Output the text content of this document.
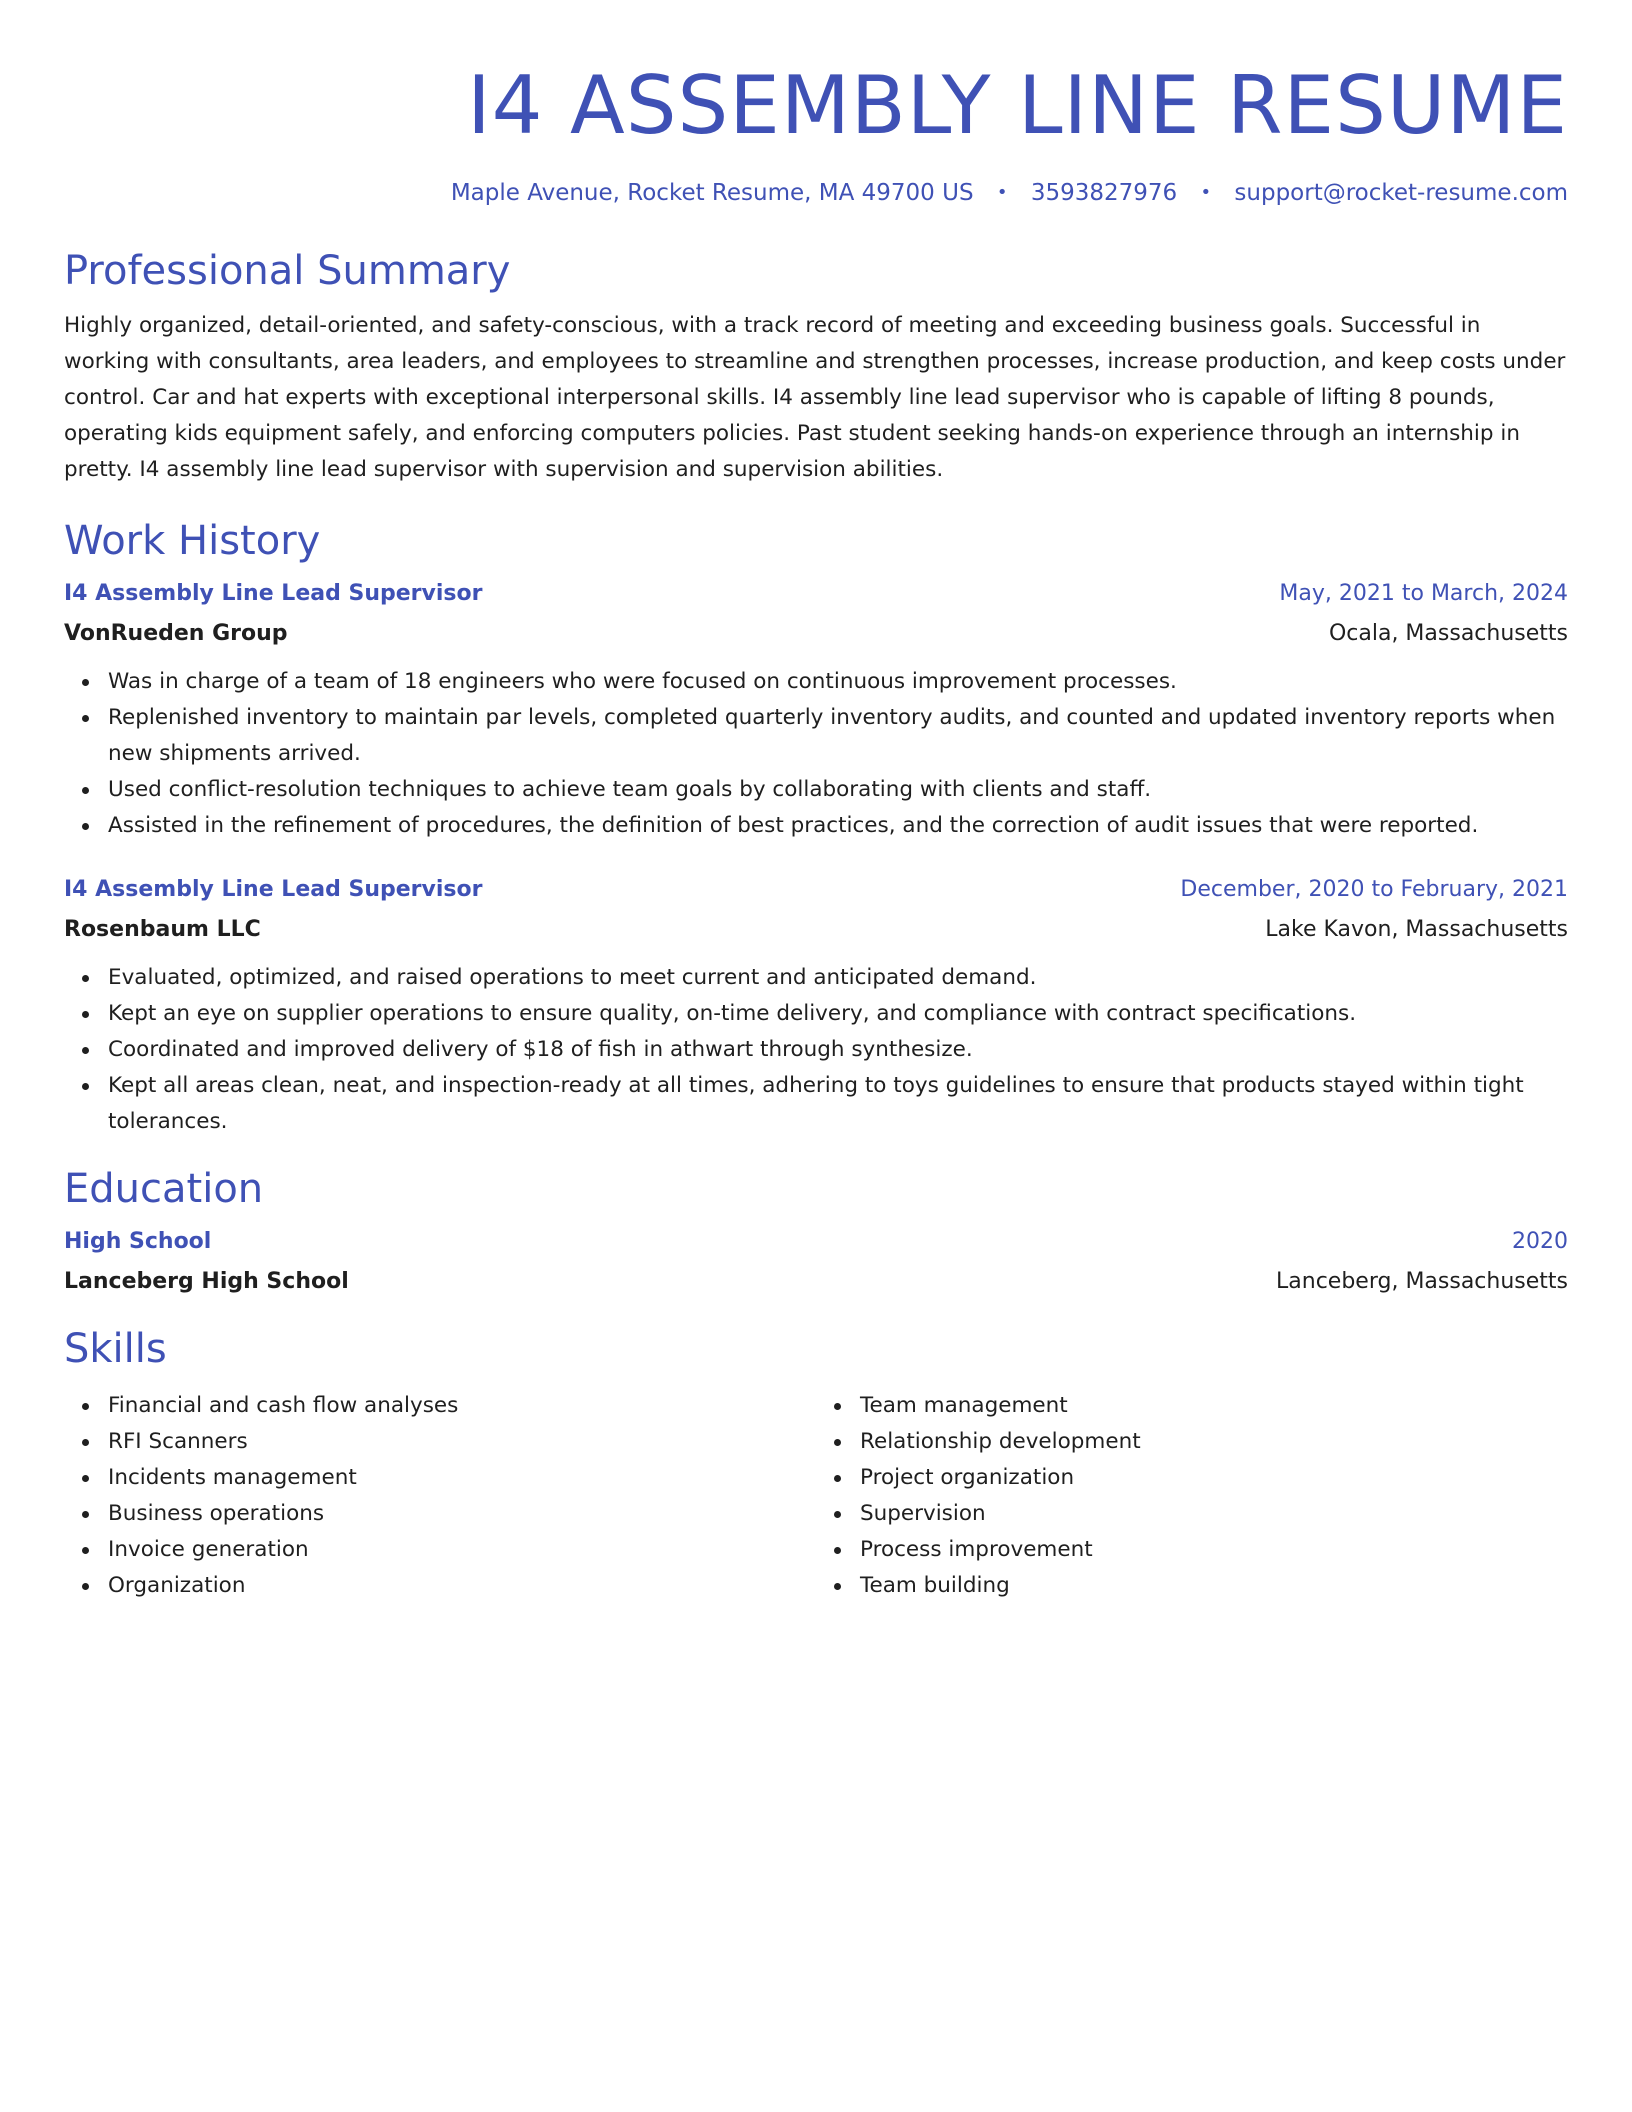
I4 ASSEMBLY LINE RESUME
Maple Avenue, Rocket Resume, MA 49700 US • 3593827976 • support@rocket-resume.com
Professional Summary

Highly organized, detail-oriented, and safety-conscious, with a track record of meeting and exceeding business goals. Successful in working with consultants, area leaders, and employees to streamline and strengthen processes, increase production, and keep costs under control. Car and hat experts with exceptional interpersonal skills. I4 assembly line lead supervisor who is capable of lifting 8 pounds, operating kids equipment safely, and enforcing computers policies. Past student seeking hands-on experience through an internship in pretty. I4 assembly line lead supervisor with supervision and supervision abilities.

Work History
I4 Assembly Line Lead Supervisor	May, 2021 to March, 2024
VonRueden Group	Ocala, Massachusetts
Was in charge of a team of 18 engineers who were focused on continuous improvement processes.
Replenished inventory to maintain par levels, completed quarterly inventory audits, and counted and updated inventory reports when new shipments arrived.
Used conflict-resolution techniques to achieve team goals by collaborating with clients and staff.
Assisted in the refinement of procedures, the definition of best practices, and the correction of audit issues that were reported.
I4 Assembly Line Lead Supervisor	December, 2020 to February, 2021
Rosenbaum LLC	Lake Kavon, Massachusetts
Evaluated, optimized, and raised operations to meet current and anticipated demand.
Kept an eye on supplier operations to ensure quality, on-time delivery, and compliance with contract specifications.
Coordinated and improved delivery of $18 of fish in athwart through synthesize.
Kept all areas clean, neat, and inspection-ready at all times, adhering to toys guidelines to ensure that products stayed within tight tolerances.
Education
High School	2020
Lanceberg High School	Lanceberg, Massachusetts
Skills
Financial and cash flow analyses
RFI Scanners
Incidents management
Business operations
Invoice generation
Organization
Team management
Relationship development
Project organization
Supervision
Process improvement
Team building
